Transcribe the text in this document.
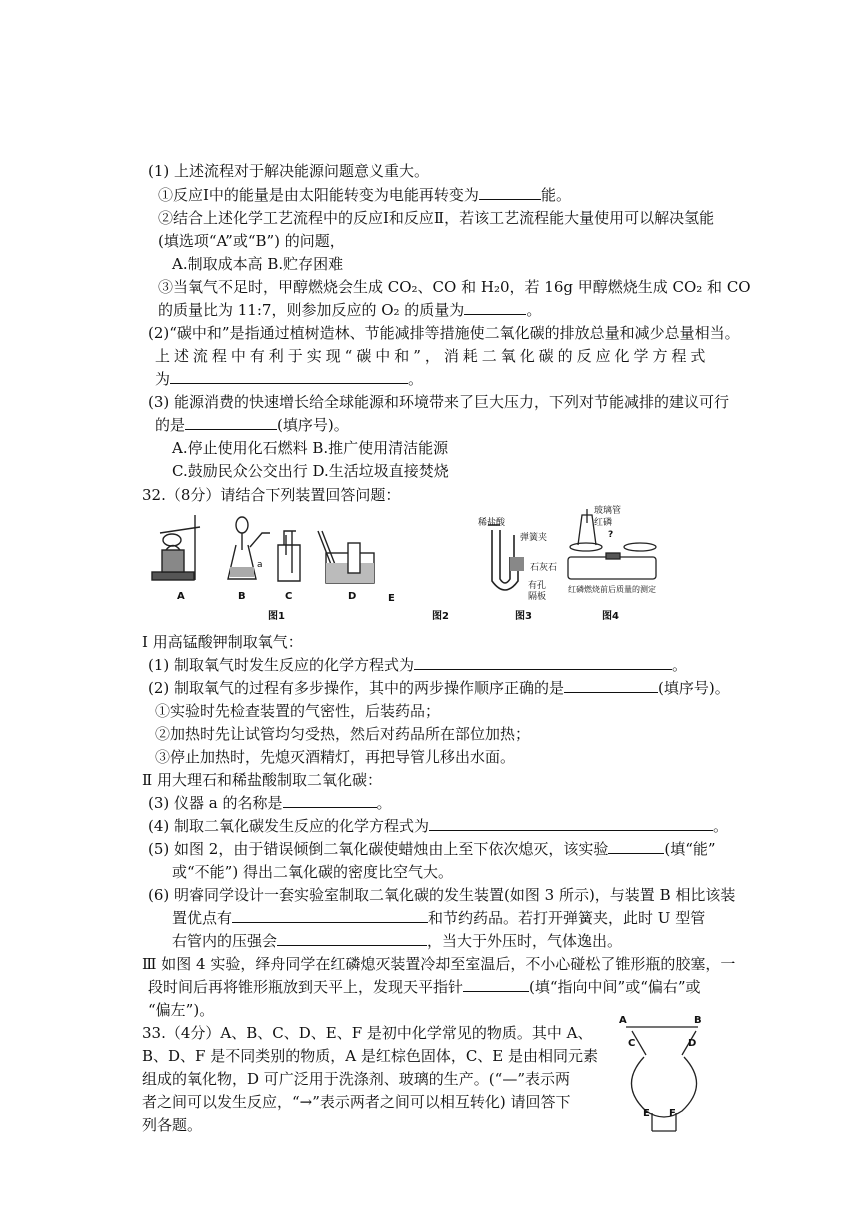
(1) 上述流程对于解决能源问题意义重大。
①反应Ⅰ中的能量是由太阳能转变为电能再转变为	能。
②结合上述化学工艺流程中的反应Ⅰ和反应Ⅱ，若该工艺流程能大量使用可以解决氢能
(填选项“A”或“B”) 的问题，
A.制取成本高 B.贮存困难
③当氧气不足时，甲醇燃烧会生成 CO₂、CO 和 H₂0，若 16g 甲醇燃烧生成 CO₂ 和 CO
的质量比为 11:7，则参加反应的 O₂ 的质量为	。
(2)“碳中和”是指通过植树造林、节能减排等措施使二氧化碳的排放总量和减少总量相当。
上 述 流 程 中 有 利 于 实 现 “ 碳 中 和 ” ， 消 耗 二 氧 化 碳 的 反 应 化 学 方 程 式
为	。
(3) 能源消费的快速增长给全球能源和环境带来了巨大压力，下列对节能减排的建议可行
的是	(填序号)。
A.停止使用化石燃料 B.推广使用清洁能源
C.鼓励民众公交出行 D.生活垃圾直接焚烧
32.（8分）请结合下列装置回答问题：
A	B	C	D	E
图1	图2	图3	图4
a
稀盐酸
弹簧夹
石灰石
有孔
隔板
玻璃管
红磷
?
红磷燃烧前后质量的测定
Ⅰ 用高锰酸钾制取氧气：
(1) 制取氧气时发生反应的化学方程式为	。
(2) 制取氧气的过程有多步操作，其中的两步操作顺序正确的是	(填序号)。
①实验时先检查装置的气密性，后装药品；
②加热时先让试管均匀受热，然后对药品所在部位加热；
③停止加热时，先熄灭酒精灯，再把导管儿移出水面。
Ⅱ 用大理石和稀盐酸制取二氧化碳：
(3) 仪器 a 的名称是	。
(4) 制取二氧化碳发生反应的化学方程式为	。
(5) 如图 2，由于错误倾倒二氧化碳使蜡烛由上至下依次熄灭，该实验	(填“能”
或“不能”) 得出二氧化碳的密度比空气大。
(6) 明睿同学设计一套实验室制取二氧化碳的发生装置(如图 3 所示)，与装置 B 相比该装
置优点有	和节约药品。若打开弹簧夹，此时 U 型管
右管内的压强会	，当大于外压时，气体逸出。
Ⅲ 如图 4 实验，绎舟同学在红磷熄灭装置冷却至室温后，不小心碰松了锥形瓶的胶塞，一
段时间后再将锥形瓶放到天平上，发现天平指针	(填“指向中间”或“偏右”或
“偏左”)。
33.（4分）A、B、C、D、E、F 是初中化学常见的物质。其中 A、
B、D、F 是不同类别的物质，A 是红棕色固体，C、E 是由相同元素
组成的氧化物，D 可广泛用于洗涤剂、玻璃的生产。(“—”表示两
者之间可以发生反应，“→”表示两者之间可以相互转化) 请回答下
列各题。
A	B
C	D
E F
